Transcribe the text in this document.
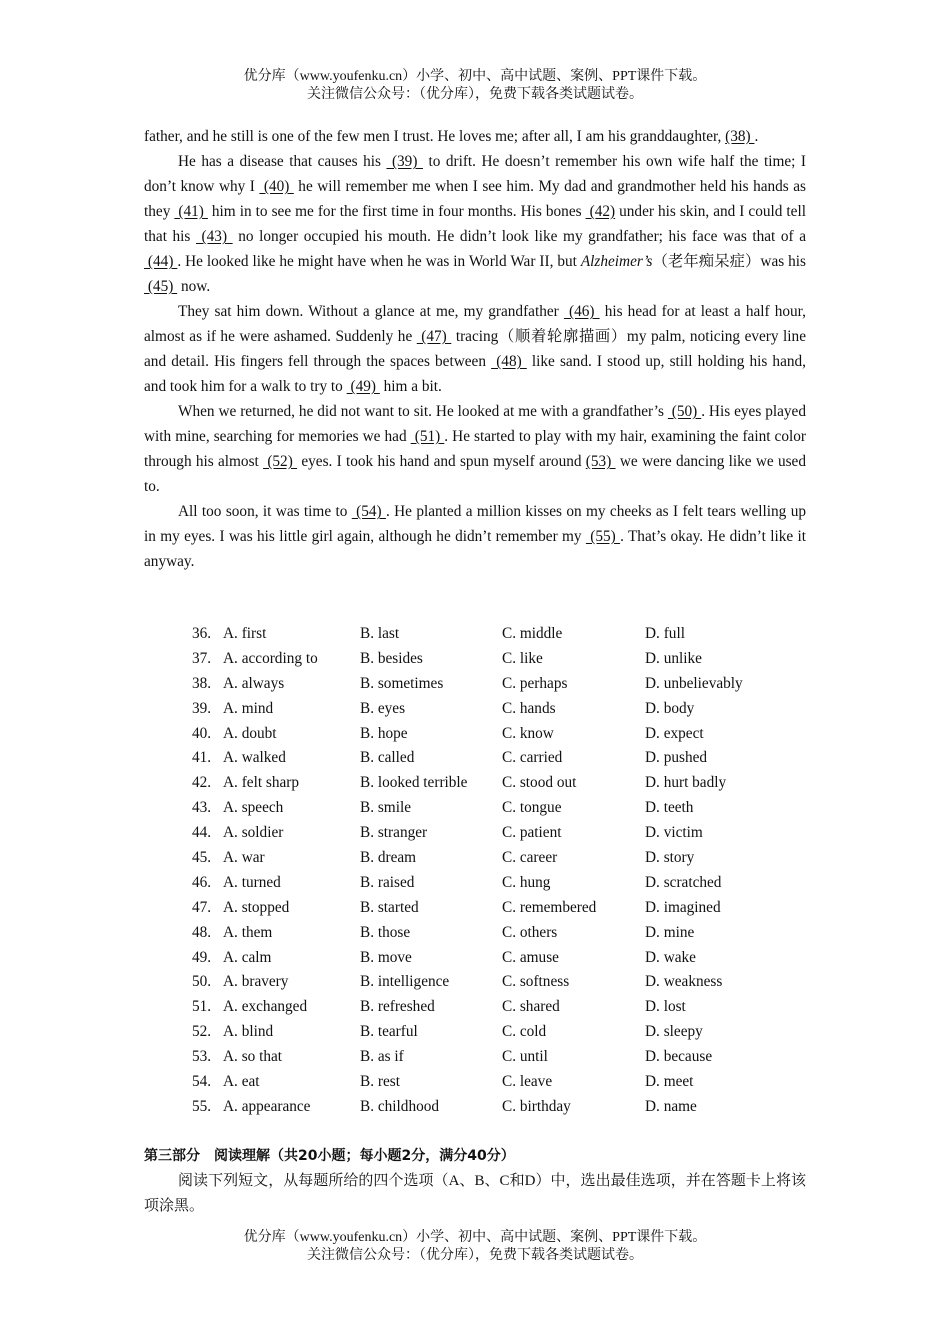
优分库（www.youfenku.cn）小学、初中、高中试题、案例、PPT课件下载。
关注微信公众号：（优分库），免费下载各类试题试卷。

father, and he still is one of the few men I trust. He loves me; after all, I am his granddaughter, (38) .

He has a disease that causes his  (39)  to drift. He doesn’t remember his own wife half the time; I don’t know why I  (40)  he will remember me when I see him. My dad and grandmother held his hands as they  (41)  him in to see me for the first time in four months. His bones  (42) under his skin, and I could tell that his  (43)  no longer occupied his mouth. He didn’t look like my grandfather; his face was that of a  (44) . He looked like he might have when he was in World War II, but Alzheimer’s（老年痴呆症）was his  (45)  now.

They sat him down. Without a glance at me, my grandfather  (46)  his head for at least a half hour, almost as if he were ashamed. Suddenly he  (47)  tracing（顺着轮廓描画）my palm, noticing every line and detail. His fingers fell through the spaces between  (48)  like sand. I stood up, still holding his hand, and took him for a walk to try to  (49)  him a bit.

When we returned, he did not want to sit. He looked at me with a grandfather’s  (50) . His eyes played with mine, searching for memories we had  (51) . He started to play with my hair, examining the faint color through his almost  (52)  eyes. I took his hand and spun myself around (53)  we were dancing like we used to.

All too soon, it was time to  (54) . He planted a million kisses on my cheeks as I felt tears welling up in my eyes. I was his little girl again, although he didn’t remember my  (55) . That’s okay. He didn’t like it anyway.

36. A. first	B. last	C. middle	D. full
37. A. according to	B. besides	C. like	D. unlike
38. A. always	B. sometimes	C. perhaps	D. unbelievably
39. A. mind	B. eyes	C. hands	D. body
40. A. doubt	B. hope	C. know	D. expect
41. A. walked	B. called	C. carried	D. pushed
42. A. felt sharp	B. looked terrible C. stood out	D. hurt badly
43. A. speech	B. smile	C. tongue	D. teeth
44. A. soldier	B. stranger	C. patient	D. victim
45. A. war	B. dream	C. career	D. story
46. A. turned	B. raised	C. hung	D. scratched
47. A. stopped	B. started	C. remembered	D. imagined
48. A. them	B. those	C. others	D. mine
49. A. calm	B. move	C. amuse	D. wake
50. A. bravery	B. intelligence	C. softness	D. weakness
51. A. exchanged	B. refreshed	C. shared	D. lost
52. A. blind	B. tearful	C. cold	D. sleepy
53. A. so that	B. as if	C. until	D. because
54. A. eat	B. rest	C. leave	D. meet
55. A. appearance	B. childhood	C. birthday	D. name

第三部分　阅读理解（共20小题；每小题2分，满分40分）

阅读下列短文，从每题所给的四个选项（A、B、C和D）中，选出最佳选项，并在答题卡上将该项涂黑。

优分库（www.youfenku.cn）小学、初中、高中试题、案例、PPT课件下载。
关注微信公众号：（优分库），免费下载各类试题试卷。
